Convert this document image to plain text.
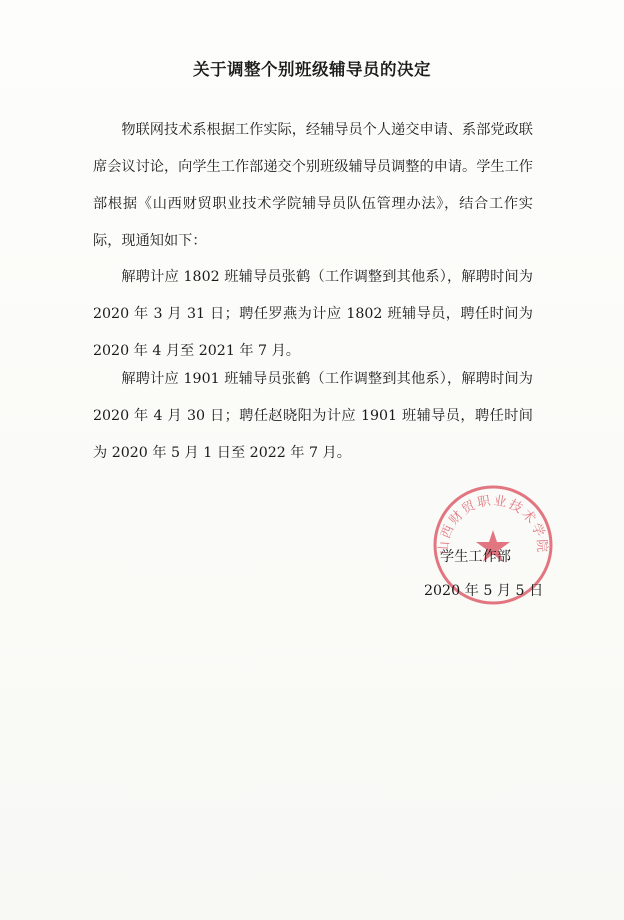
关于调整个别班级辅导员的决定

物联网技术系根据工作实际，经辅导员个人递交申请、系部党政联席会议讨论，向学生工作部递交个别班级辅导员调整的申请。学生工作部根据《山西财贸职业技术学院辅导员队伍管理办法》，结合工作实际，现通知如下：

解聘计应 1802 班辅导员张鹤（工作调整到其他系），解聘时间为 2020 年 3 月 31 日；聘任罗燕为计应 1802 班辅导员，聘任时间为 2020 年 4 月至 2021 年 7 月。

解聘计应 1901 班辅导员张鹤（工作调整到其他系），解聘时间为 2020 年 4 月 30 日；聘任赵晓阳为计应 1901 班辅导员，聘任时间为 2020 年 5 月 1 日至 2022 年 7 月。

山西财贸职业技术学院
学生工作部
2020 年 5 月 5 日
